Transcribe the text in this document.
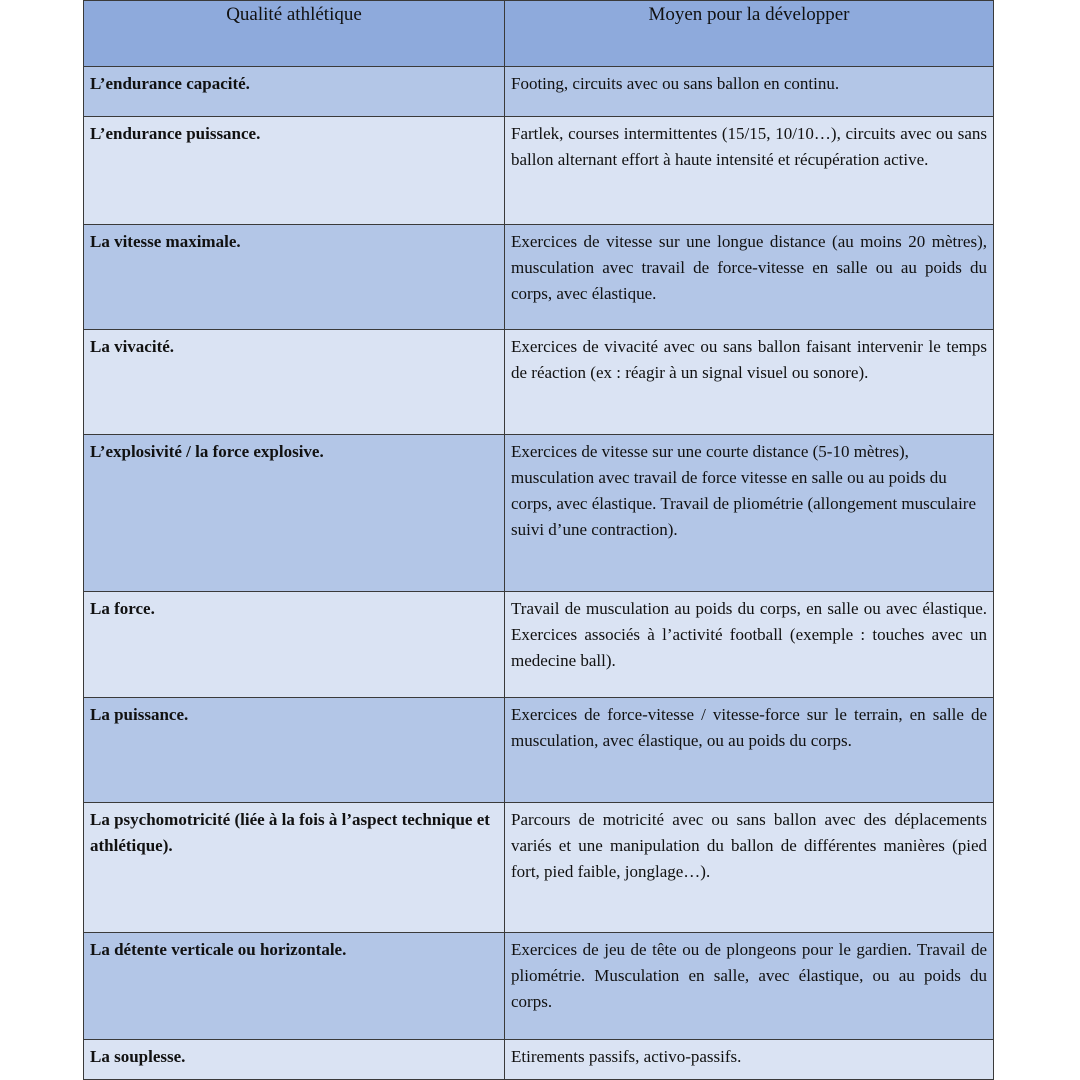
Qualité athlétique	Moyen pour la développer
L’endurance capacité.	Footing, circuits avec ou sans ballon en continu.
L’endurance puissance.	Fartlek, courses intermittentes (15/15, 10/10…), circuits avec ou sans ballon alternant effort à haute intensité et récupération active.
La vitesse maximale.	Exercices de vitesse sur une longue distance (au moins 20 mètres), musculation avec travail de force-vitesse en salle ou au poids du corps, avec élastique.
La vivacité.	Exercices de vivacité avec ou sans ballon faisant intervenir le temps de réaction (ex : réagir à un signal visuel ou sonore).
L’explosivité / la force explosive.	Exercices de vitesse sur une courte distance (5-10 mètres), musculation avec travail de force vitesse en salle ou au poids du corps, avec élastique. Travail de pliométrie (allongement musculaire suivi d’une contraction).
La force.	Travail de musculation au poids du corps, en salle ou avec élastique. Exercices associés à l’activité football (exemple : touches avec un medecine ball).
La puissance.	Exercices de force-vitesse / vitesse-force sur le terrain, en salle de musculation, avec élastique, ou au poids du corps.
La psychomotricité (liée à la fois à l’aspect technique et athlétique).	Parcours de motricité avec ou sans ballon avec des déplacements variés et une manipulation du ballon de différentes manières (pied fort, pied faible, jonglage…).
La détente verticale ou horizontale.	Exercices de jeu de tête ou de plongeons pour le gardien. Travail de pliométrie. Musculation en salle, avec élastique, ou au poids du corps.
La souplesse.	Etirements passifs, activo-passifs.
